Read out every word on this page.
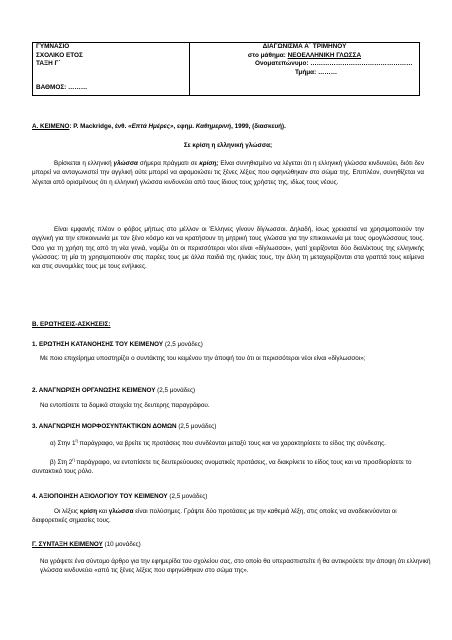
ΓΥΜΝΑΣΙΟ
ΣΧΟΛΙΚΟ ΕΤΟΣ
ΤΑΞΗ Γ΄
ΒΑΘΜΟΣ: ………

ΔΙΑΓΩΝΙΣΜΑ Α΄ ΤΡΙΜΗΝΟΥ
στο μάθημα: ΝΕΟΕΛΛΗΝΙΚΗ ΓΛΩΣΣΑ
Ονοματεπώνυμο: …………………………………………
Τμήμα: ………
Α. ΚΕΙΜΕΝΟ: P. Mackridge, ένθ. «Επτά Ημέρες», εφημ. Καθημερινή, 1999, (διασκευή).
Σε κρίση η ελληνική γλώσσα;
Βρίσκεται η ελληνική γλώσσα σήμερα πράγματι σε κρίση; Είναι συνηθισμένο να λέγεται ότι η ελληνική γλώσσα κινδυνεύει, διότι δεν μπορεί να ανταγωνιστεί την αγγλική ούτε μπορεί να αφομοιώσει τις ξένες λέξεις που σφηνώθηκαν στο σώμα της. Επιπλέον, συνηθίζεται να λέγεται από ορισμένους ότι η ελληνική γλώσσα κινδυνεύει από τους ίδιους τους χρήστες της, ιδίως τους νέους.
Είναι εμφανής πλέον ο φόβος μήπως στο μέλλον οι Έλληνες γίνουν δίγλωσσοι. Δηλαδή, ίσως χρειαστεί να χρησιμοποιούν την αγγλική για την επικοινωνία με τον ξένο κόσμο και να κρατήσουν τη μητρική τους γλώσσα για την επικοινωνία με τους ομογλώσσους τους. Όσο για τη χρήση της από τη νέα γενιά, νομίζω ότι οι περισσότεροι νέοι είναι «δίγλωσσοι», γιατί χειρίζονται δύο διαλέκτους της ελληνικής γλώσσας: τη μία τη χρησιμοποιούν στις παρέες τους με άλλα παιδιά της ηλικίας τους, την άλλη τη μεταχειρίζονται στα γραπτά τους κείμενα και στις συνομιλίες τους με τους ενήλικες.
Β. ΕΡΩΤΗΣΕΙΣ-ΑΣΚΗΣΕΙΣ:
1. ΕΡΩΤΗΣΗ ΚΑΤΑΝΟΗΣΗΣ ΤΟΥ ΚΕΙΜΕΝΟΥ (2,5 μονάδες)
Με ποιο επιχείρημα υποστηρίζει ο συντάκτης του κειμένου την άποψή του ότι οι περισσότεροι νέοι είναι «δίγλωσσοι»;
2. ΑΝΑΓΝΩΡΙΣΗ ΟΡΓΑΝΩΣΗΣ ΚΕΙΜΕΝΟΥ (2,5 μονάδες)
Να εντοπίσετε τα δομικά στοιχεία της δευτερης παραγράφου.
3. ΑΝΑΓΝΩΡΙΣΗ ΜΟΡΦΟΣΥΝΤΑΚΤΙΚΩΝ ΔΟΜΩΝ (2,5 μονάδες)
α) Στην $1^\eta$ παράγραφο, να βρείτε τις προτάσεις που συνδέονται μεταξύ τους και να χαρακτηρίσετε το είδος της σύνδεσης.
β) Στη $2^\eta$ παράγραφο, να εντοπίσετε τις δευτερεύουσες ονοματικές προτάσεις, να διακρίνετε το είδος τους και να προσδιορίσετε το συντακτικό τους ρόλο.
4. ΑΞΙΟΠΟΙΗΣΗ ΑΞΙΟΛΟΓΙΟΥ ΤΟΥ ΚΕΙΜΕΝΟΥ (2,5 μονάδες)
Οι λέξεις κρίση και γλώσσα είναι πολύσημες. Γράψτε δύο προτάσεις με την καθεμιά λέξη, στις οποίες να αναδεικνύονται οι διαφορετικές σημασίες τους.
Γ. ΣΥΝΤΑΞΗ ΚΕΙΜΕΝΟΥ (10 μονάδες)
Να γράψετε ένα σύντομο άρθρο για την εφημερίδα του σχολείου σας, στο οποίο θα υπερασπιστείτε ή θα αντικρούετε την άποψη ότι ελληνική γλώσσα κινδυνεύει «από τις ξένες λέξεις που σφηνώθηκαν στο σώμα της».
